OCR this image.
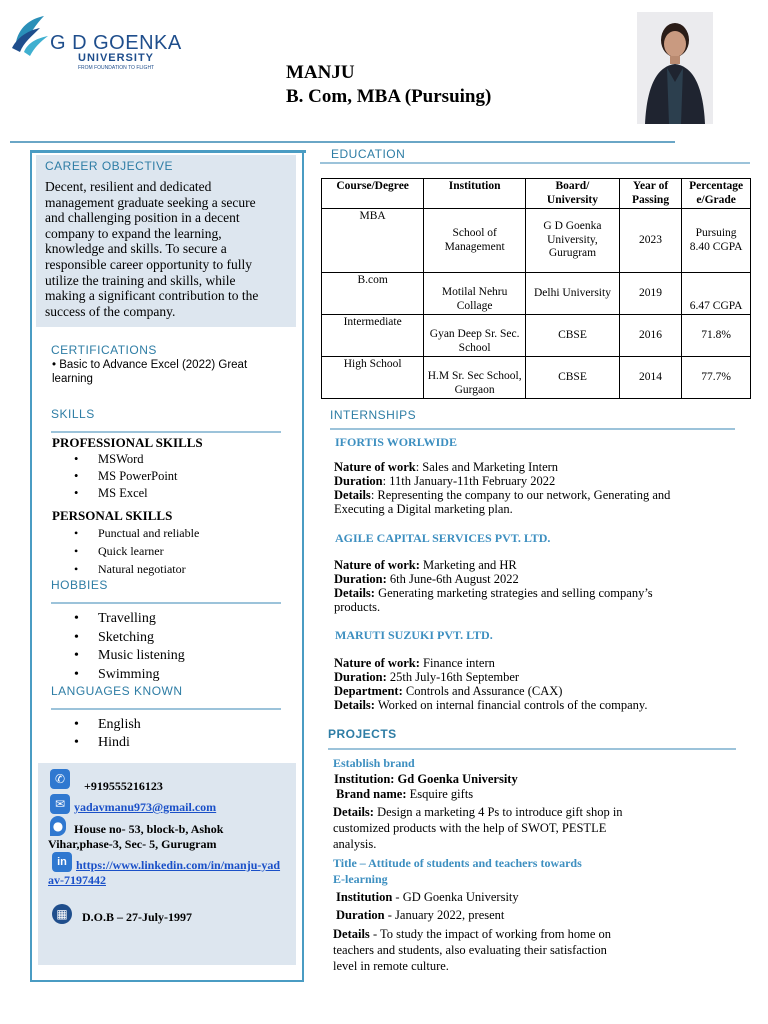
G D GOENKA
UNIVERSITY
FROM FOUNDATION TO FLIGHT	MANJU
B. Com, MBA (Pursuing)
CAREER OBJECTIVE
Decent, resilient and dedicated management graduate seeking a secure and challenging position in a decent company to expand the learning, knowledge and skills. To secure a responsible career opportunity to fully utilize the training and skills, while making a significant contribution to the success of the company.
CERTIFICATIONS
• Basic to Advance Excel (2022) Great learning
SKILLS
PROFESSIONAL SKILLS
• MSWord
• MS PowerPoint
• MS Excel
PERSONAL SKILLS
• Punctual and reliable
• Quick learner
• Natural negotiator
HOBBIES
• Travelling
• Sketching
• Music listening
• Swimming
LANGUAGES KNOWN
• English
• Hindi
✆	+919555216123
✉ yadavmanu973@gmail.com
● House no- 53, block-b, Ashok Vihar,phase-3, Sec- 5, Gurugram
in https://www.linkedin.com/in/manju-yadav-7197442
▦	D.O.B – 27-July-1997
EDUCATION
Course/Degree	Institution	Board/ University	Year of Passing	Percentage e/Grade
MBA	School of Management	G D Goenka University, Gurugram	2023	Pursuing 8.40 CGPA
B.com	Motilal Nehru Collage	Delhi University	2019	6.47 CGPA
Intermediate	Gyan Deep Sr. Sec. School	CBSE	2016	71.8%
High School	H.M Sr. Sec School, Gurgaon	CBSE	2014	77.7%
INTERNSHIPS
IFORTIS WORLWIDE
Nature of work: Sales and Marketing Intern
Duration: 11th January-11th February 2022
Details: Representing the company to our network, Generating and Executing a Digital marketing plan.
AGILE CAPITAL SERVICES PVT. LTD.
Nature of work: Marketing and HR
Duration: 6th June-6th August 2022
Details: Generating marketing strategies and selling company’s products.
MARUTI SUZUKI PVT. LTD.
Nature of work: Finance intern
Duration: 25th July-16th September
Department: Controls and Assurance (CAX)
Details: Worked on internal financial controls of the company.
PROJECTS
Establish brand
Institution: Gd Goenka University
Brand name: Esquire gifts
Details: Design a marketing 4 Ps to introduce gift shop in customized products with the help of SWOT, PESTLE analysis.
Title – Attitude of students and teachers towards E-learning
Institution - GD Goenka University
Duration - January 2022, present
Details - To study the impact of working from home on teachers and students, also evaluating their satisfaction level in remote culture.
